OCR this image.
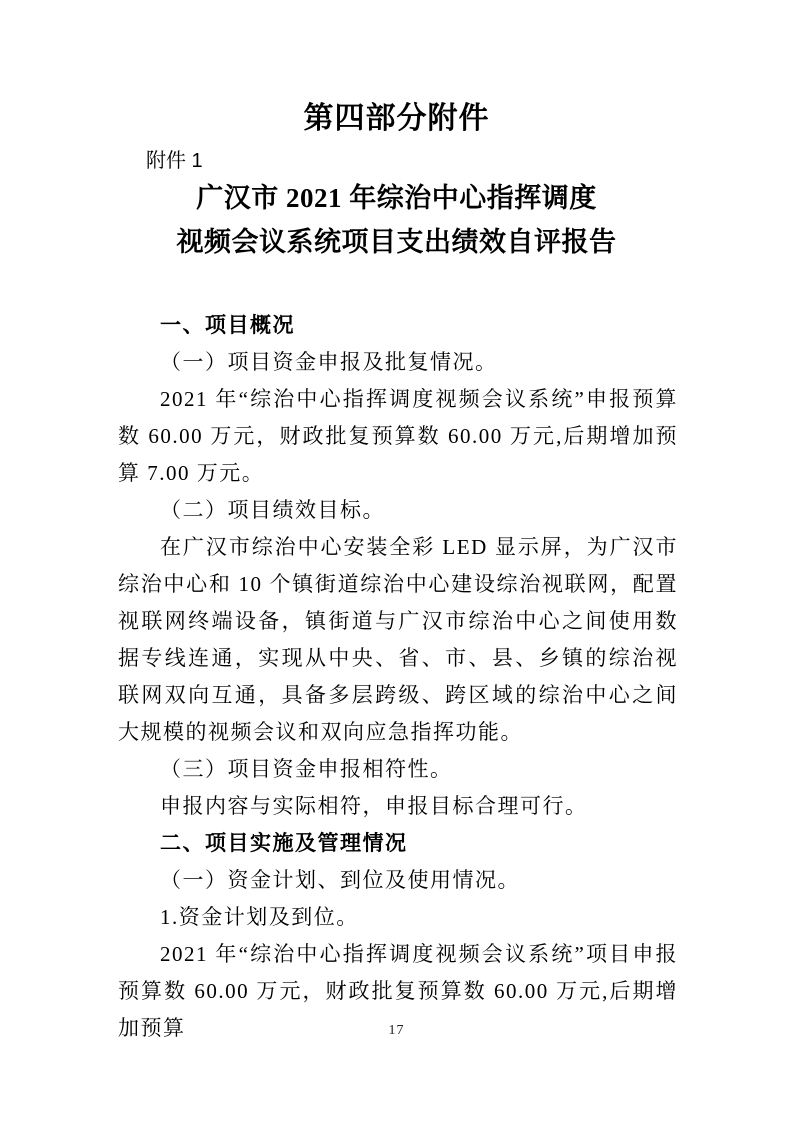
第四部分附件
附件 1
广汉市 2021 年综治中心指挥调度
视频会议系统项目支出绩效自评报告
一、项目概况
（一）项目资金申报及批复情况。
2021 年“综治中心指挥调度视频会议系统”申报预算数 60.00 万元，财政批复预算数 60.00 万元,后期增加预算 7.00 万元。
（二）项目绩效目标。
在广汉市综治中心安装全彩 LED 显示屏，为广汉市综治中心和 10 个镇街道综治中心建设综治视联网，配置视联网终端设备，镇街道与广汉市综治中心之间使用数据专线连通，实现从中央、省、市、县、乡镇的综治视联网双向互通，具备多层跨级、跨区域的综治中心之间大规模的视频会议和双向应急指挥功能。
（三）项目资金申报相符性。
申报内容与实际相符，申报目标合理可行。
二、项目实施及管理情况
（一）资金计划、到位及使用情况。
1.资金计划及到位。
2021 年“综治中心指挥调度视频会议系统”项目申报预算数 60.00 万元，财政批复预算数 60.00 万元,后期增加预算	17
